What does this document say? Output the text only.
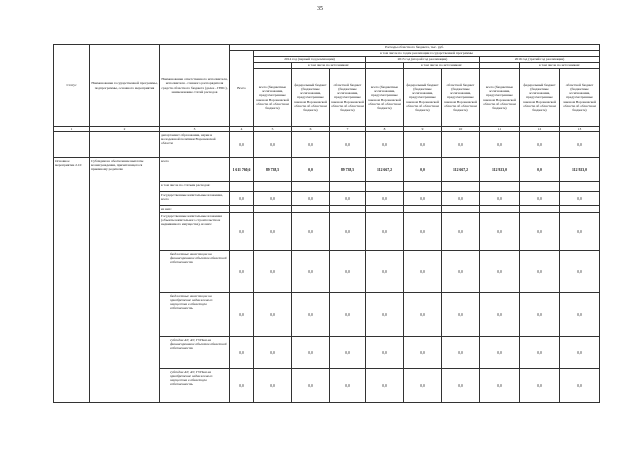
35
Статус	Наименование государственной программы, подпрограммы, основного мероприятия	Наименование ответственного исполнителя, исполнителя - главного распорядителя средств областного бюджета (далее - ГРБС), наименование статей расходов	Расходы областного бюджета, тыс. руб.									
			Всего	в том числе по годам реализации государственной программы								
				2014 год (первый год реализации)			2015 год (второй год реализации)			2016 год (третий год реализации)		
					в том числе по источникам:			в том числе по источникам:			в том числе по источникам:	
				всего (бюджетные ассигнования, предусмотренные законом Воронежской области об областном бюджете)	федеральный бюджет (бюджетные ассигнования, предусмотренные законом Воронежской области об областном бюджете)	областной бюджет (бюджетные ассигнования, предусмотренные законом Воронежской области об областном бюджете)	всего (бюджетные ассигнования, предусмотренные законом Воронежской области об областном бюджете)	федеральный бюджет (бюджетные ассигнования, предусмотренные законом Воронежской области об областном бюджете)	областной бюджет (бюджетные ассигнования, предусмотренные законом Воронежской области об областном бюджете)	всего (бюджетные ассигнования, предусмотренные законом Воронежской области об областном бюджете)	федеральный бюджет (бюджетные ассигнования, предусмотренные законом Воронежской области об областном бюджете)	областной бюджет (бюджетные ассигнования, предусмотренные законом Воронежской области об областном бюджете)
1	2	3	4	5	6	7	8	9	10	11	12	13
		департамент образования, науки и молодежной политики Воронежской области	0,0	0,0	0,0	0,0	0,0	0,0	0,0	0,0	0,0	0,0
Основное мероприятие 2.10	Субсидии на обеспечение выплаты вознаграждения, причитающегося приемному родителю	всего	1 611 760,6	89 738,5	0,0	89 738,5	112 667,2	0,0	112 667,2	112 923,0	0,0	112 923,0
		в том числе по статьям расходов:										
		Государственные капитальные вложения, всего	0,0	0,0	0,0	0,0	0,0	0,0	0,0	0,0	0,0	0,0
		из них:										
		Государственные капитальные вложения (объекты капитального строительства и недвижимого имущества), из них:	0,0	0,0	0,0	0,0	0,0	0,0	0,0	0,0	0,0	0,0
		бюджетные инвестиции на финансирование объектов областной собственности	0,0	0,0	0,0	0,0	0,0	0,0	0,0	0,0	0,0	0,0
		бюджетные инвестиции на приобретение недвижимого имущества в областную собственность	0,0	0,0	0,0	0,0	0,0	0,0	0,0	0,0	0,0	0,0
		субсидии АУ, АУ, ГУПам на финансирование объектов областной собственности	0,0	0,0	0,0	0,0	0,0	0,0	0,0	0,0	0,0	0,0
		субсидии АУ, АУ, ГУПам на приобретение недвижимого имущества в областную собственность	0,0	0,0	0,0	0,0	0,0	0,0	0,0	0,0	0,0	0,0
